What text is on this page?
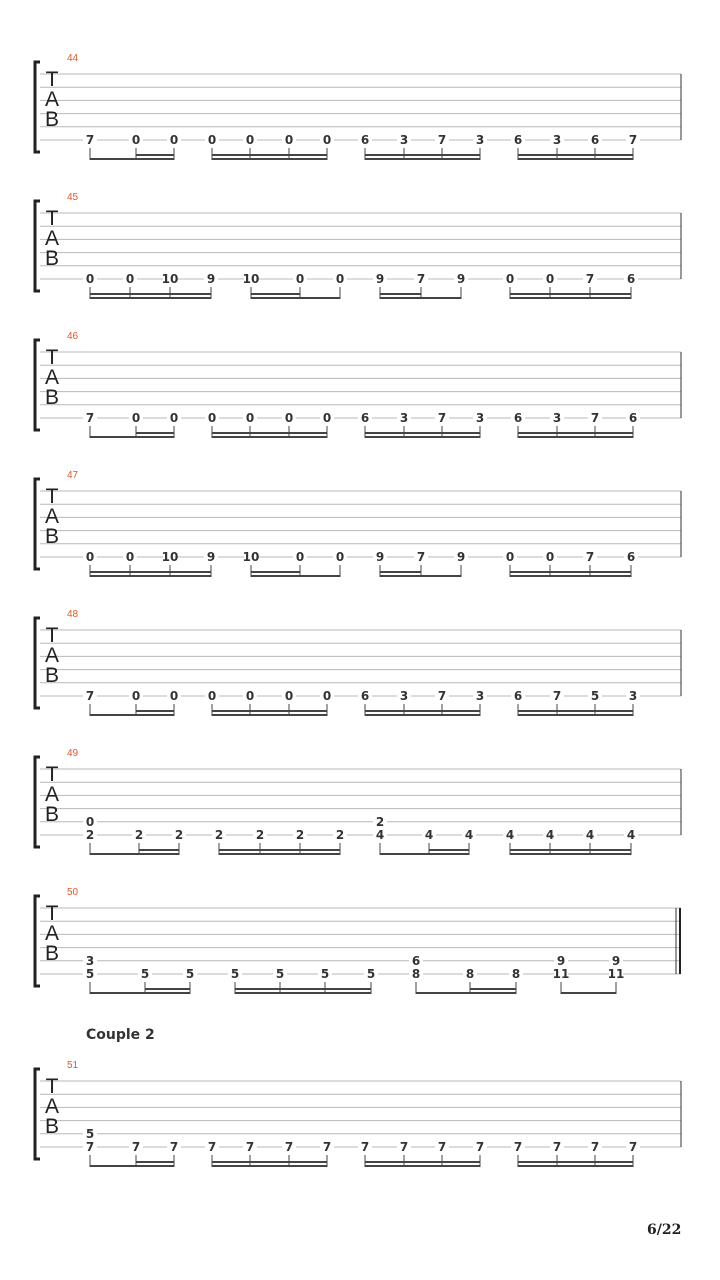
T
A
B
44
7	0 0 0 0	0 0 6	3 7 3 6	3 6 7
T
A
B
45
0	0 10 9 10	0	0	9	7	9	0	0	7	6
T
A
B
46
7	0 0 0 0	0 0 6	3 7 3 6	3 7 6
T
A
B
47
0	0 10 9 10	0	0	9	7	9	0	0	7	6
T
A
B
48
7	0 0 0 0	0 0 6	3 7 3 6	7 5 3
T
A
B
49
0
2	2	2	2	2	2	2
2
4	4	4	4	4	4	4
T
A
B
50
3
5	5	5	5	5	5	5
6
8	8	8
9
11
9
11
T
A
B
51
5
7	7 7 7 7	7 7 7	7 7 7 7	7 7 7
Couple 2
6/22
